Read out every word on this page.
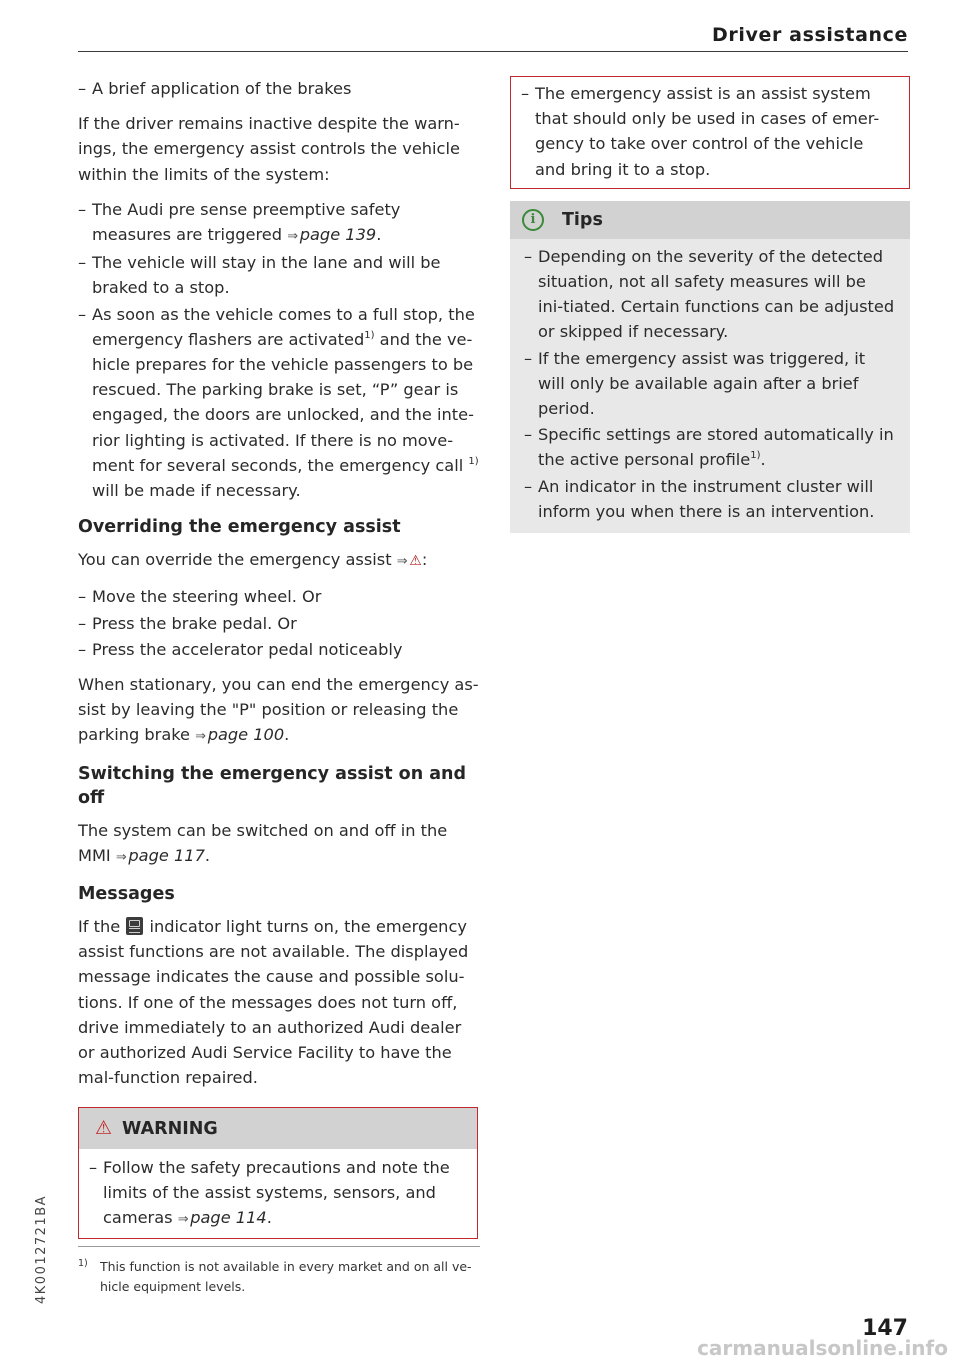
Driver assistance
– A brief application of the brakes

If the driver remains inactive despite the warn-ings, the emergency assist controls the vehicle within the limits of the system:

– The Audi pre sense preemptive safety measures are triggered ⇒  page 139.
– The vehicle will stay in the lane and will be braked to a stop.
– As soon as the vehicle comes to a full stop, the emergency flashers are activated$^{1)}$ and the ve-hicle prepares for the vehicle passengers to be rescued. The parking brake is set, “P” gear is engaged, the doors are unlocked, and the inte-rior lighting is activated. If there is no move-ment for several seconds, the emergency call $^{1)}$ will be made if necessary.
Overriding the emergency assist

You can override the emergency assist ⇒  ⚠:

– Move the steering wheel. Or
– Press the brake pedal. Or
– Press the accelerator pedal noticeably

When stationary, you can end the emergency as-sist by leaving the "P" position or releasing the parking brake ⇒  page 100.

Switching the emergency assist on and off

The system can be switched on and off in the MMI ⇒  page 117.

Messages

If the  indicator light turns on, the emergency assist functions are not available. The displayed message indicates the cause and possible solu-tions. If one of the messages does not turn off, drive immediately to an authorized Audi dealer or authorized Audi Service Facility to have the mal-function repaired.

⚠ WARNING
– Follow the safety precautions and note the limits of the assist systems, sensors, and cameras ⇒  page 114.
1) This function is not available in every market and on all ve-hicle equipment levels.
– The emergency assist is an assist system that should only be used in cases of emer-gency to take over control of the vehicle and bring it to a stop.
i	Tips
– Depending on the severity of the detected situation, not all safety measures will be ini-tiated. Certain functions can be adjusted or skipped if necessary.
– If the emergency assist was triggered, it will only be available again after a brief period.
– Specific settings are stored automatically in the active personal profile$^{1)}$.
– An indicator in the instrument cluster will inform you when there is an intervention.
4K0012721BA
147
carmanualsonline.info
